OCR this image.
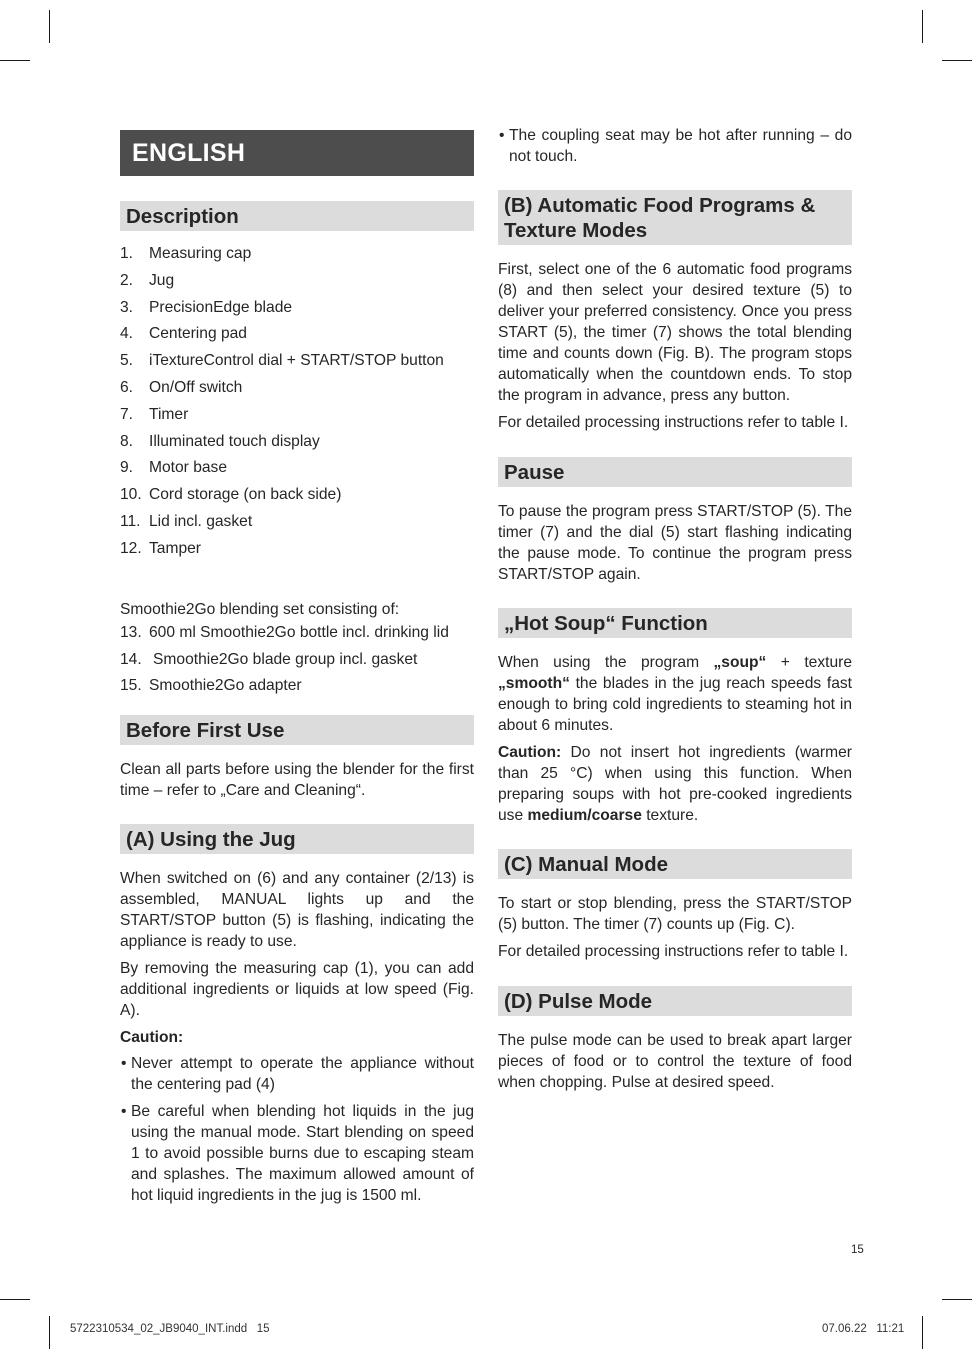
ENGLISH
Description
1. Measuring cap
2. Jug
3. PrecisionEdge blade
4. Centering pad
5. iTextureControl dial + START/STOP button
6. On/Off switch
7. Timer
8. Illuminated touch display
9. Motor base
10. Cord storage (on back side)
11. Lid incl. gasket
12. Tamper

Smoothie2Go blending set consisting of:

13. 600 ml Smoothie2Go bottle incl. drinking lid
14. Smoothie2Go blade group incl. gasket
15. Smoothie2Go adapter
Before First Use

Clean all parts before using the blender for the first time – refer to „Care and Cleaning“.

(A) Using the Jug

When switched on (6) and any container (2/13) is assembled, MANUAL lights up and the START/STOP button (5) is flashing, indicating the appliance is ready to use.

By removing the measuring cap (1), you can add additional ingredients or liquids at low speed (Fig. A).

Caution:

• Never attempt to operate the appliance without the centering pad (4)
• Be careful when blending hot liquids in the jug using the manual mode. Start blending on speed 1 to avoid possible burns due to escaping steam and splashes. The maximum allowed amount of hot liquid ingredients in the jug is 1500 ml.
• The coupling seat may be hot after running – do not touch.
(B) Automatic Food Programs & Texture Modes

First, select one of the 6 automatic food programs (8) and then select your desired texture (5) to deliver your preferred consistency. Once you press START (5), the timer (7) shows the total blending time and counts down (Fig. B). The program stops automatically when the countdown ends. To stop the program in advance, press any button.

For detailed processing instructions refer to table I.

Pause

To pause the program press START/STOP (5). The timer (7) and the dial (5) start flashing indicating the pause mode. To continue the program press START/STOP again.

„Hot Soup“ Function

When using the program „soup“ + texture „smooth“ the blades in the jug reach speeds fast enough to bring cold ingredients to steaming hot in about 6 minutes.

Caution: Do not insert hot ingredients (warmer than 25 °C) when using this function. When preparing soups with hot pre-cooked ingredients use medium/coarse texture.

(C) Manual Mode

To start or stop blending, press the START/STOP (5) button. The timer (7) counts up (Fig. C).

For detailed processing instructions refer to table I.

(D) Pulse Mode

The pulse mode can be used to break apart larger pieces of food or to control the texture of food when chopping. Pulse at desired speed.

15
5722310534_02_JB9040_INT.indd   15	07.06.22   11:21
